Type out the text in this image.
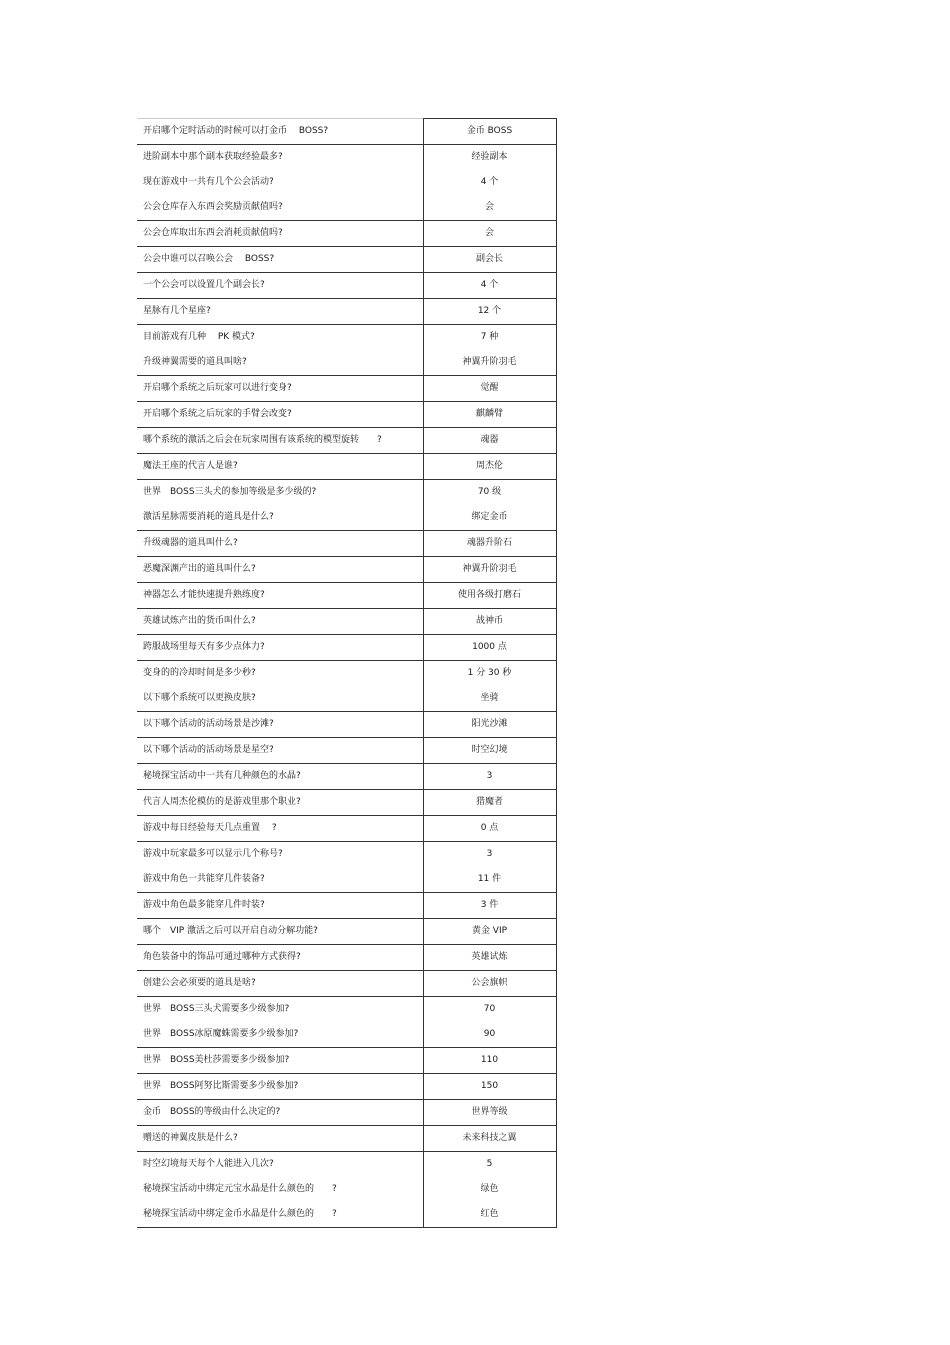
开启哪个定时活动的时候可以打金币　 BOSS?	金币 BOSS
进阶副本中那个副本获取经验最多?	经验副本
现在游戏中一共有几个公会活动?	4 个
公会仓库存入东西会奖励贡献值吗?	会
公会仓库取出东西会消耗贡献值吗?	会
公会中谁可以召唤公会　 BOSS?	副会长
一个公会可以设置几个副会长?	4 个
星脉有几个星座?	12 个
目前游戏有几种　 PK 模式?	7 种
升级神翼需要的道具叫啥?	神翼升阶羽毛
开启哪个系统之后玩家可以进行变身?	觉醒
开启哪个系统之后玩家的手臂会改变?	麒麟臂
哪个系统的激活之后会在玩家周围有该系统的模型旋转　　?	魂器
魔法王座的代言人是谁?	周杰伦
世界　BOSS三头犬的参加等级是多少级的?	70 级
激活星脉需要消耗的道具是什么?	绑定金币
升级魂器的道具叫什么?	魂器升阶石
恶魔深渊产出的道具叫什么?	神翼升阶羽毛
神器怎么才能快速提升熟练度?	使用各级打磨石
英雄试炼产出的货币叫什么?	战神币
跨服战场里每天有多少点体力?	1000 点
变身的的冷却时间是多少秒?	1 分 30 秒
以下哪个系统可以更换皮肤?	坐骑
以下哪个活动的活动场景是沙滩?	阳光沙滩
以下哪个活动的活动场景是星空?	时空幻境
秘境探宝活动中一共有几种颜色的水晶?	3
代言人周杰伦模仿的是游戏里那个职业?	猎魔者
游戏中每日经验每天几点重置　 ?	0 点
游戏中玩家最多可以显示几个称号?	3
游戏中角色一共能穿几件装备?	11 件
游戏中角色最多能穿几件时装?	3 件
哪个　VIP 激活之后可以开启自动分解功能?	黄金 VIP
角色装备中的饰品可通过哪种方式获得?	英雄试炼
创建公会必须要的道具是啥?	公会旗帜
世界　BOSS三头犬需要多少级参加?	70
世界　BOSS冰原魔蛛需要多少级参加?	90
世界　BOSS美杜莎需要多少级参加?	110
世界　BOSS阿努比斯需要多少级参加?	150
金币　BOSS的等级由什么决定的?	世界等级
赠送的神翼皮肤是什么?	未来科技之翼
时空幻境每天每个人能进入几次?	5
秘境探宝活动中绑定元宝水晶是什么颜色的　　?	绿色
秘境探宝活动中绑定金币水晶是什么颜色的　　?	红色
